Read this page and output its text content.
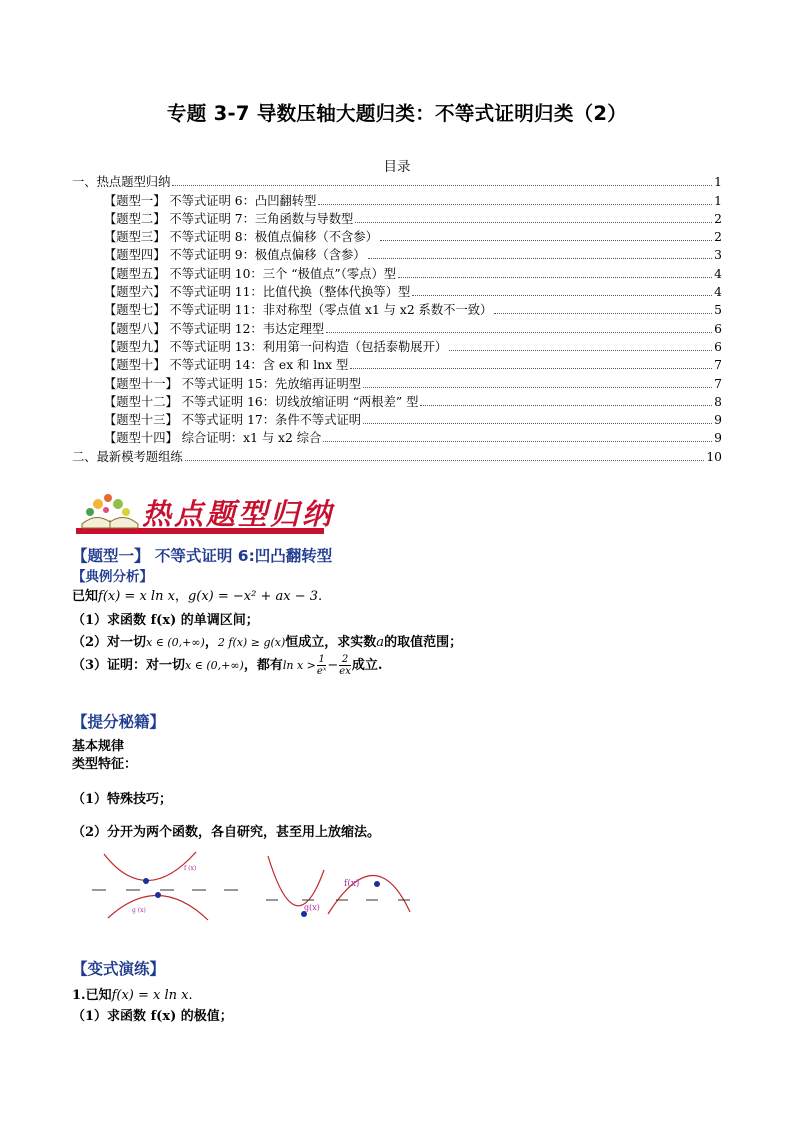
专题 3-7 导数压轴大题归类：不等式证明归类（2）
目录
一、热点题型归纳	1
【题型一】 不等式证明 6：凸凹翻转型	1
【题型二】 不等式证明 7：三角函数与导数型	2
【题型三】 不等式证明 8：极值点偏移（不含参）	2
【题型四】 不等式证明 9：极值点偏移（含参）	3
【题型五】 不等式证明 10：三个 “极值点”（零点）型	4
【题型六】 不等式证明 11：比值代换（整体代换等）型	4
【题型七】 不等式证明 11：非对称型（零点值 x1 与 x2 系数不一致）	5
【题型八】 不等式证明 12：韦达定理型	6
【题型九】 不等式证明 13：利用第一问构造（包括泰勒展开）	6
【题型十】 不等式证明 14：含 ex 和 lnx 型	7
【题型十一】 不等式证明 15：先放缩再证明型	7
【题型十二】 不等式证明 16：切线放缩证明 “两根差” 型	8
【题型十三】 不等式证明 17：条件不等式证明	9
【题型十四】 综合证明：x1 与 x2 综合	9
二、最新模考题组练	10
热点题型归纳
【题型一】 不等式证明 6:凹凸翻转型
【典例分析】
已知f(x) = x ln x，g(x) = −x² + ax − 3.
（1）求函数 f(x) 的单调区间；
（2）对一切x ∈ (0,+∞)，2 f(x) ≥ g(x)恒成立，求实数a的取值范围；
（3）证明：对一切x ∈ (0,+∞)，都有$\ln x > \frac{1}{\text{eˣ}} - \frac{2}{ex}$ 成立.
【提分秘籍】
基本规律
类型特征：
（1）特殊技巧；
（2）分开为两个函数，各自研究，甚至用上放缩法。
f (x)
g (x)
f(x)
g(x)
【变式演练】
1.已知f(x) = x ln x.
（1）求函数 f(x) 的极值；
